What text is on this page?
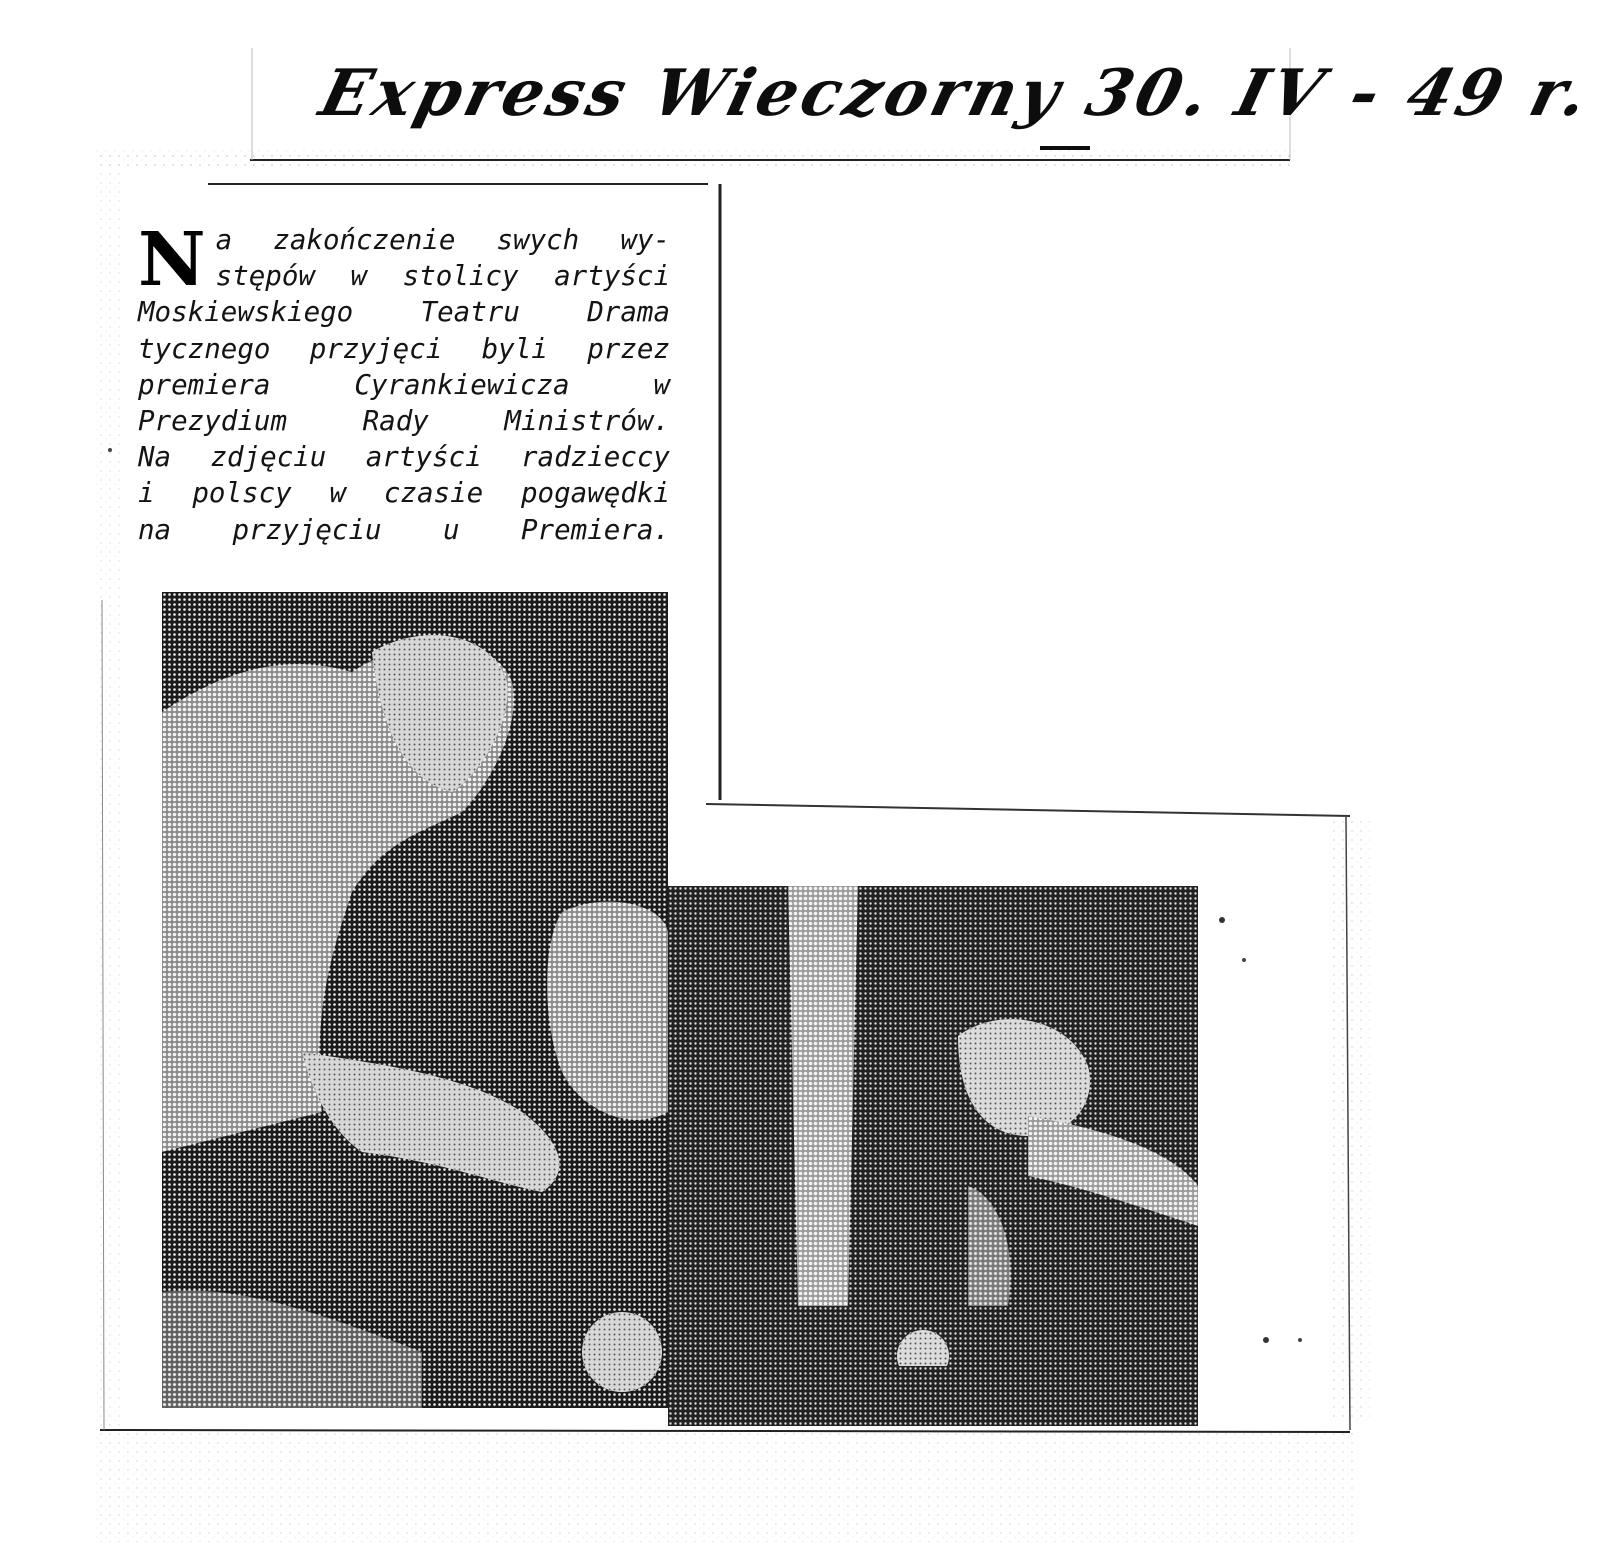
Express Wieczorny 30. IV - 49 r.
N a zakończenie swych wy-

stępów w stolicy artyści

Moskiewskiego Teatru Drama

tycznego przyjęci byli przez

premiera Cyrankiewicza w

Prezydium Rady Ministrów.

Na zdjęciu artyści radzieccy

i polscy w czasie pogawędki

na przyjęciu u Premiera.
